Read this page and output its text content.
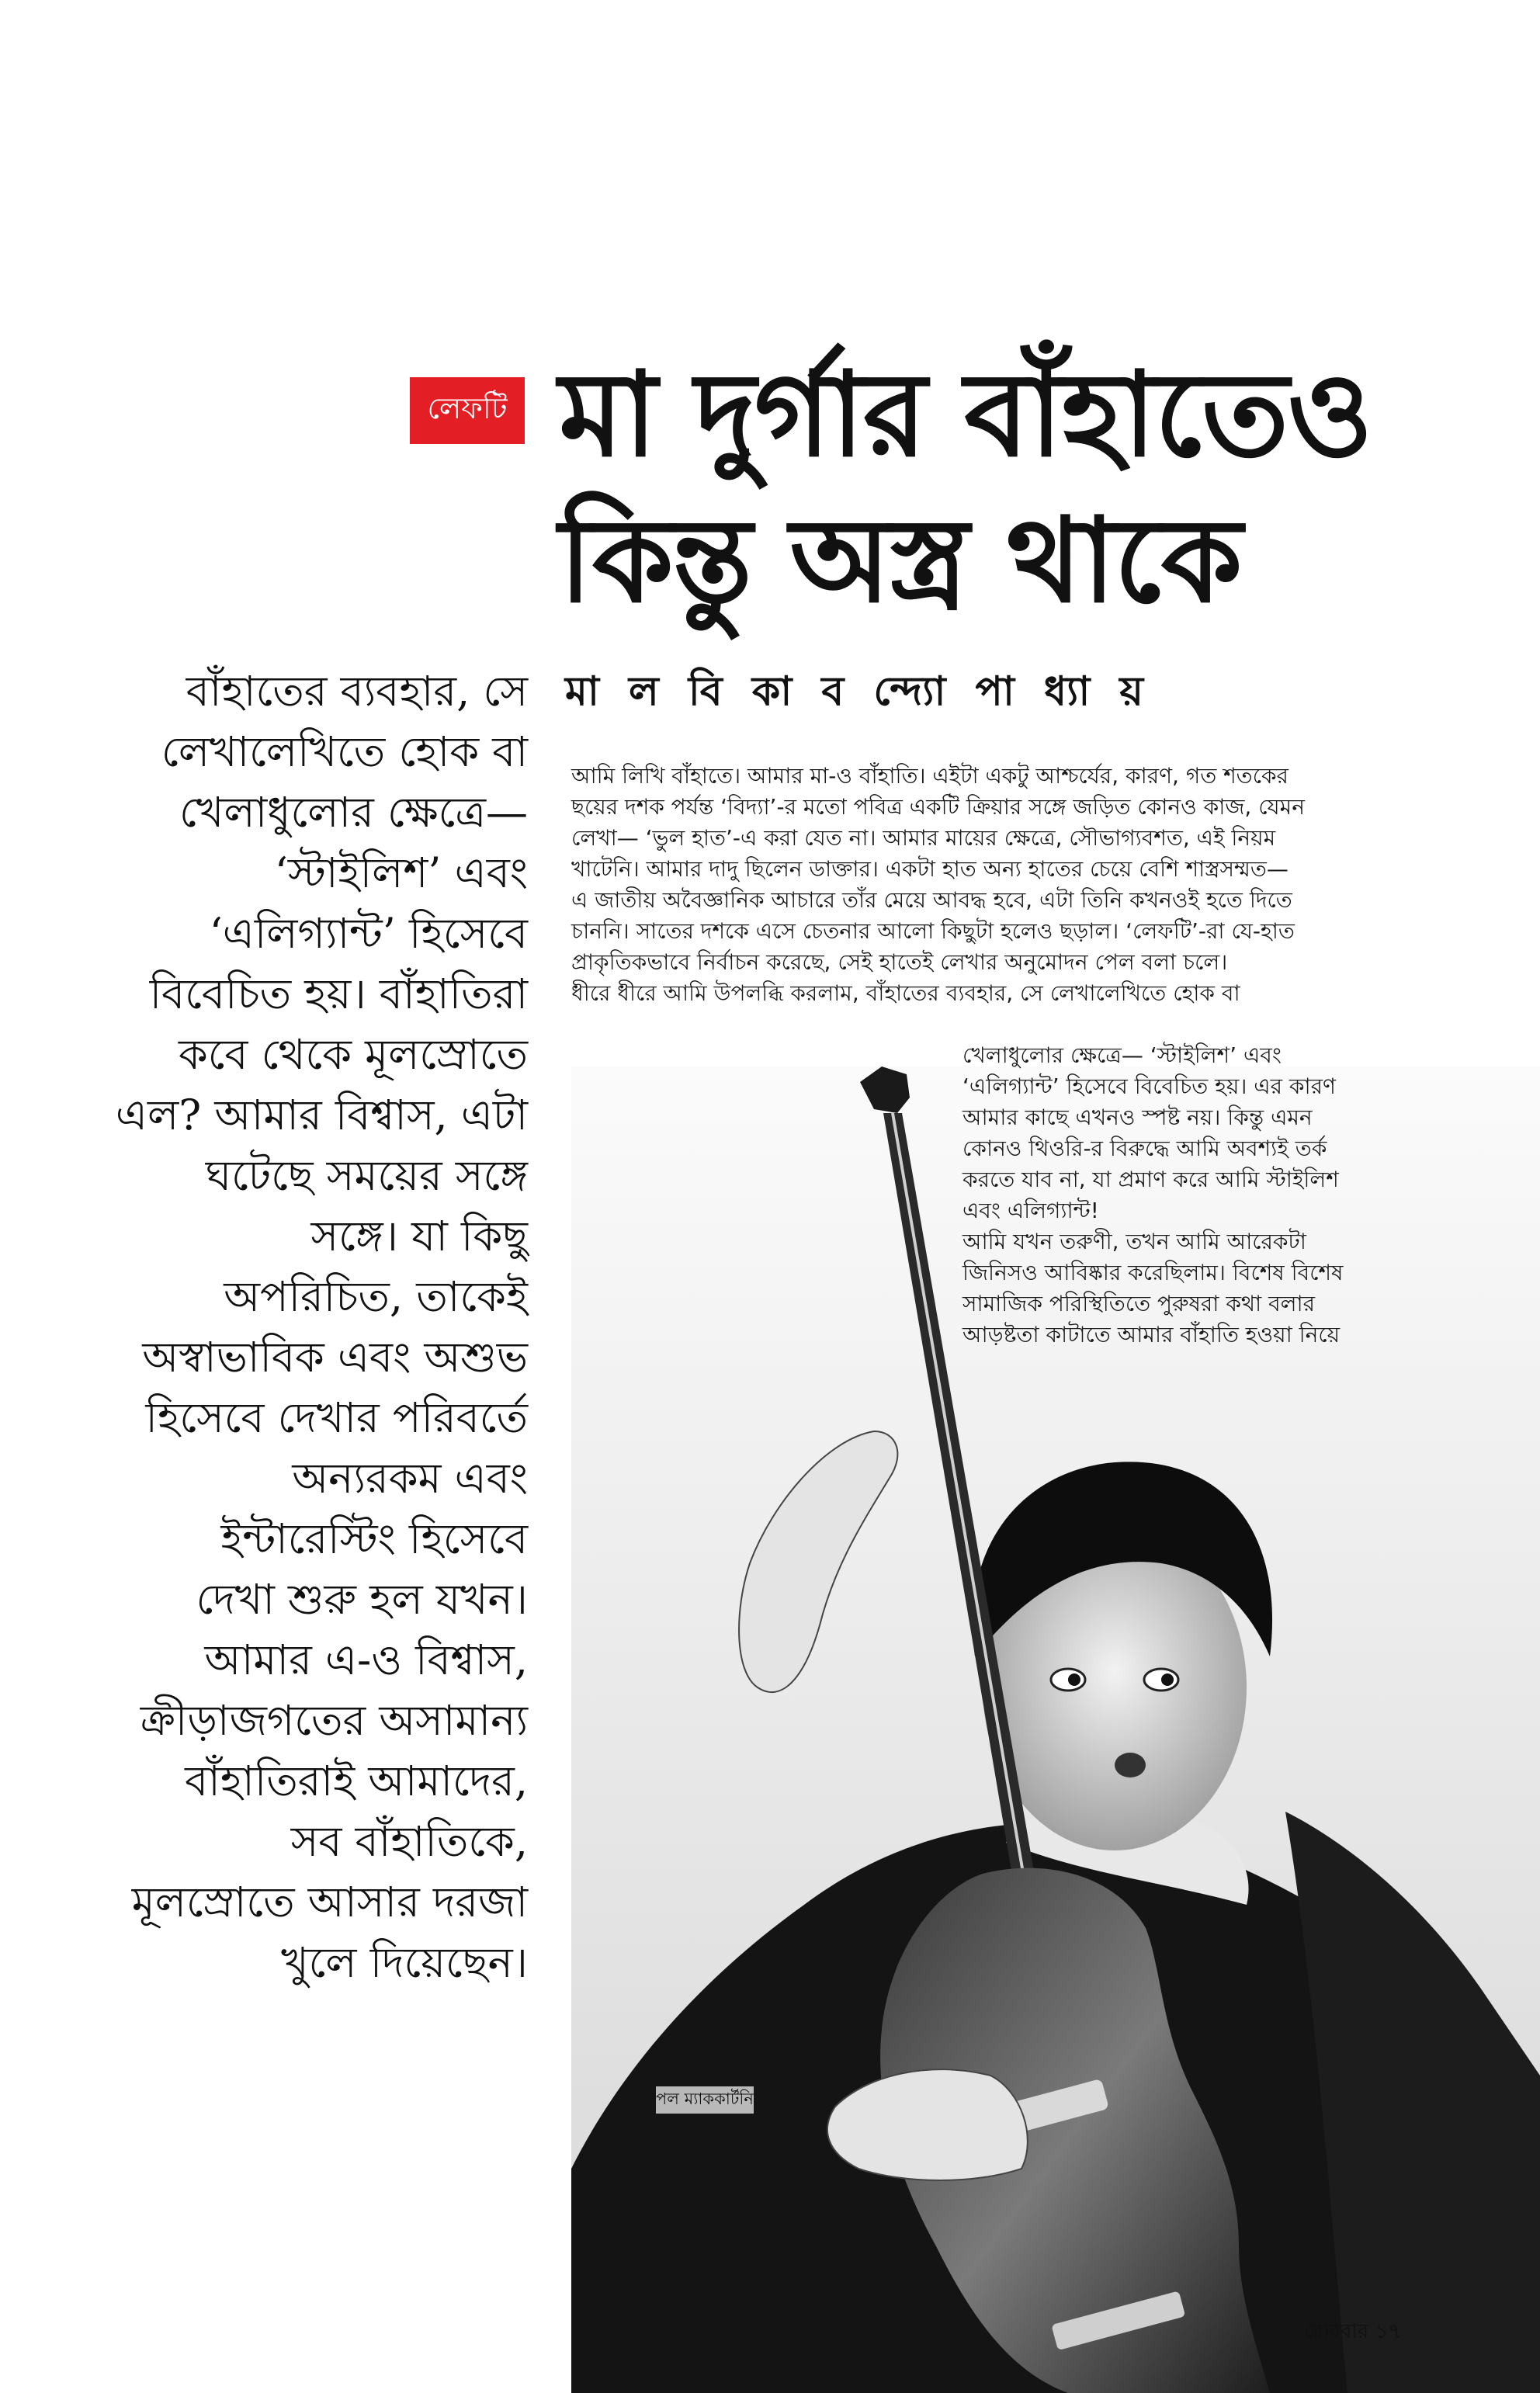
লেফটি মা দুর্গার বাঁহাতেও
কিন্তু অস্ত্র থাকে
বাঁহাতের ব্যবহার, সে
লেখালেখিতে হোক বা
খেলাধুলোর ক্ষেত্রে—
‘স্টাইলিশ’ এবং
‘এলিগ্যান্ট’ হিসেবে
বিবেচিত হয়। বাঁহাতিরা
কবে থেকে মূলস্রোতে
এল? আমার বিশ্বাস, এটা
ঘটেছে সময়ের সঙ্গে
সঙ্গে। যা কিছু
অপরিচিত, তাকেই
অস্বাভাবিক এবং অশুভ
হিসেবে দেখার পরিবর্তে
অন্যরকম এবং
ইন্টারেস্টিং হিসেবে
দেখা শুরু হল যখন।
আমার এ-ও বিশ্বাস,
ক্রীড়াজগতের অসামান্য
বাঁহাতিরাই আমাদের,
সব বাঁহাতিকে,
মূলস্রোতে আসার দরজা
খুলে দিয়েছেন।
মা ল বি কা ব ন্দ্যো পা ধ্যা য়
আমি লিখি বাঁহাতে। আমার মা-ও বাঁহাতি। এইটা একটু আশ্চর্যের, কারণ, গত শতকের
ছয়ের দশক পর্যন্ত ‘বিদ্যা’-র মতো পবিত্র একটি ক্রিয়ার সঙ্গে জড়িত কোনও কাজ, যেমন
লেখা— ‘ভুল হাত’-এ করা যেত না। আমার মায়ের ক্ষেত্রে, সৌভাগ্যবশত, এই নিয়ম
খাটেনি। আমার দাদু ছিলেন ডাক্তার। একটা হাত অন্য হাতের চেয়ে বেশি শাস্ত্রসম্মত—
এ জাতীয় অবৈজ্ঞানিক আচারে তাঁর মেয়ে আবদ্ধ হবে, এটা তিনি কখনওই হতে দিতে
চাননি। সাতের দশকে এসে চেতনার আলো কিছুটা হলেও ছড়াল। ‘লেফটি’-রা যে-হাত
প্রাকৃতিকভাবে নির্বাচন করেছে, সেই হাতেই লেখার অনুমোদন পেল বলা চলে।
ধীরে ধীরে আমি উপলব্ধি করলাম, বাঁহাতের ব্যবহার, সে লেখালেখিতে হোক বা
খেলাধুলোর ক্ষেত্রে— ‘স্টাইলিশ’ এবং
‘এলিগ্যান্ট’ হিসেবে বিবেচিত হয়। এর কারণ
আমার কাছে এখনও স্পষ্ট নয়। কিন্তু এমন
কোনও থিওরি-র বিরুদ্ধে আমি অবশ্যই তর্ক
করতে যাব না, যা প্রমাণ করে আমি স্টাইলিশ
এবং এলিগ্যান্ট!
আমি যখন তরুণী, তখন আমি আরেকটা
জিনিসও আবিষ্কার করেছিলাম। বিশেষ বিশেষ
সামাজিক পরিস্থিতিতে পুরুষরা কথা বলার
আড়ষ্টতা কাটাতে আমার বাঁহাতি হওয়া নিয়ে
পল ম্যাককার্টনি
রোববার ১৭
